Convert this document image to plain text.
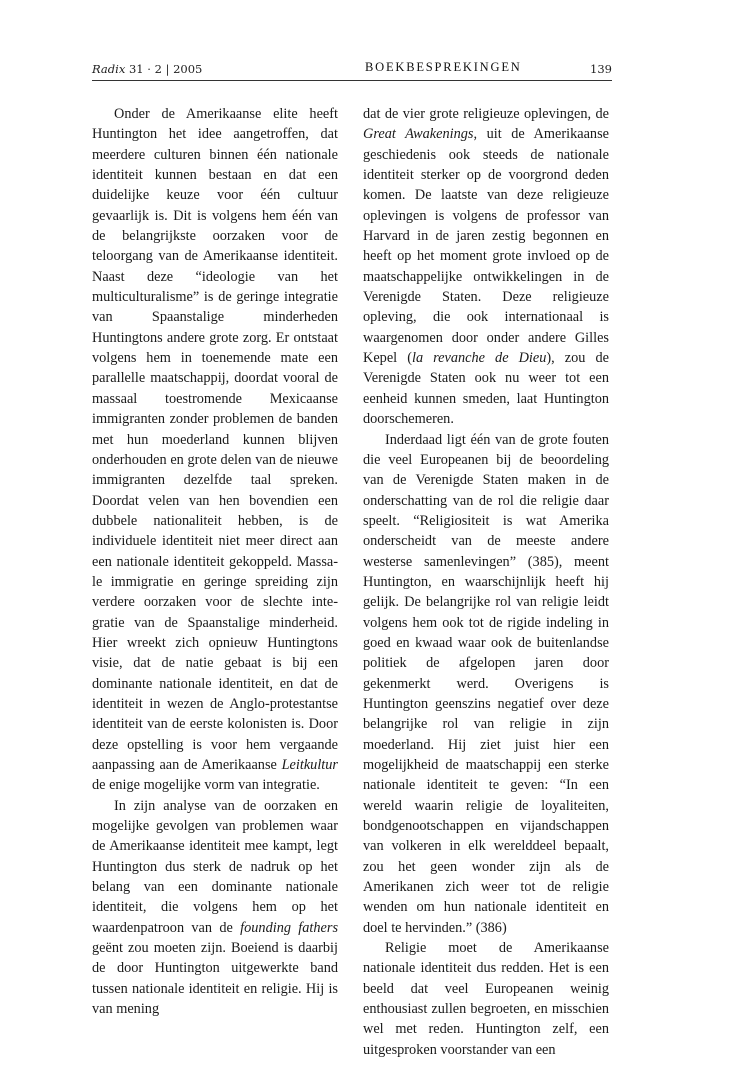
Radix 31 · 2 | 2005	BOEKBESPREKINGEN	139

Onder de Amerikaanse elite heeft Huntington het idee aangetroffen, dat meerdere culturen binnen één nationale identiteit kunnen bestaan en dat een duidelijke keuze voor één cultuur gevaarlijk is. Dit is volgens hem één van de belangrijkste oorzaken voor de teloorgang van de Amerikaanse identiteit. Naast deze “ideologie van het multiculturalisme” is de geringe integratie van Spaanstalige minderheden Huntingtons andere grote zorg. Er ontstaat volgens hem in toenemende mate een parallelle maatschappij, doordat vooral de massaal toestromende Mexicaanse immigranten zonder problemen de banden met hun moederland kunnen blijven onderhouden en grote delen van de nieuwe immigranten dezelfde taal spreken. Doordat velen van hen bovendien een dubbele nationaliteit hebben, is de individuele identiteit niet meer direct aan een nationale identiteit gekoppeld. Massale immigratie en geringe spreiding zijn verdere oorzaken voor de slechte integratie van de Spaanstalige minderheid. Hier wreekt zich opnieuw Huntingtons visie, dat de natie gebaat is bij een dominante nationale identiteit, en dat de identiteit in wezen de Anglo-protestantse identiteit van de eerste kolonisten is. Door deze opstelling is voor hem vergaande aanpassing aan de Amerikaanse Leitkultur de enige mogelijke vorm van integratie.

In zijn analyse van de oorzaken en mogelijke gevolgen van problemen waar de Amerikaanse identiteit mee kampt, legt Huntington dus sterk de nadruk op het belang van een dominante nationale identiteit, die volgens hem op het waardenpatroon van de founding fathers geënt zou moeten zijn. Boeiend is daarbij de door Huntington uitgewerkte band tussen nationale identiteit en religie. Hij is van mening

dat de vier grote religieuze oplevingen, de Great Awakenings, uit de Amerikaanse geschiedenis ook steeds de nationale identiteit sterker op de voorgrond deden komen. De laatste van deze religieuze oplevingen is volgens de professor van Harvard in de jaren zestig begonnen en heeft op het moment grote invloed op de maatschappelijke ontwikkelingen in de Verenigde Staten. Deze religieuze opleving, die ook internationaal is waargenomen door onder andere Gilles Kepel (la revanche de Dieu), zou de Verenigde Staten ook nu weer tot een eenheid kunnen smeden, laat Huntington doorschemeren.

Inderdaad ligt één van de grote fouten die veel Europeanen bij de beoordeling van de Verenigde Staten maken in de onderschatting van de rol die religie daar speelt. “Religiositeit is wat Amerika onderscheidt van de meeste andere westerse samenlevingen” (385), meent Huntington, en waarschijnlijk heeft hij gelijk. De belangrijke rol van religie leidt volgens hem ook tot de rigide indeling in goed en kwaad waar ook de buitenlandse politiek de afgelopen jaren door gekenmerkt werd. Overigens is Huntington geenszins negatief over deze belangrijke rol van religie in zijn moederland. Hij ziet juist hier een mogelijkheid de maatschappij een sterke nationale identiteit te geven: “In een wereld waarin religie de loyaliteiten, bondgenootschappen en vijandschappen van volkeren in elk werelddeel bepaalt, zou het geen wonder zijn als de Amerikanen zich weer tot de religie wenden om hun nationale identiteit en doel te hervinden.” (386)

Religie moet de Amerikaanse nationale identiteit dus redden. Het is een beeld dat veel Europeanen weinig enthousiast zullen begroeten, en misschien wel met reden. Huntington zelf, een uitgesproken voorstander van een
